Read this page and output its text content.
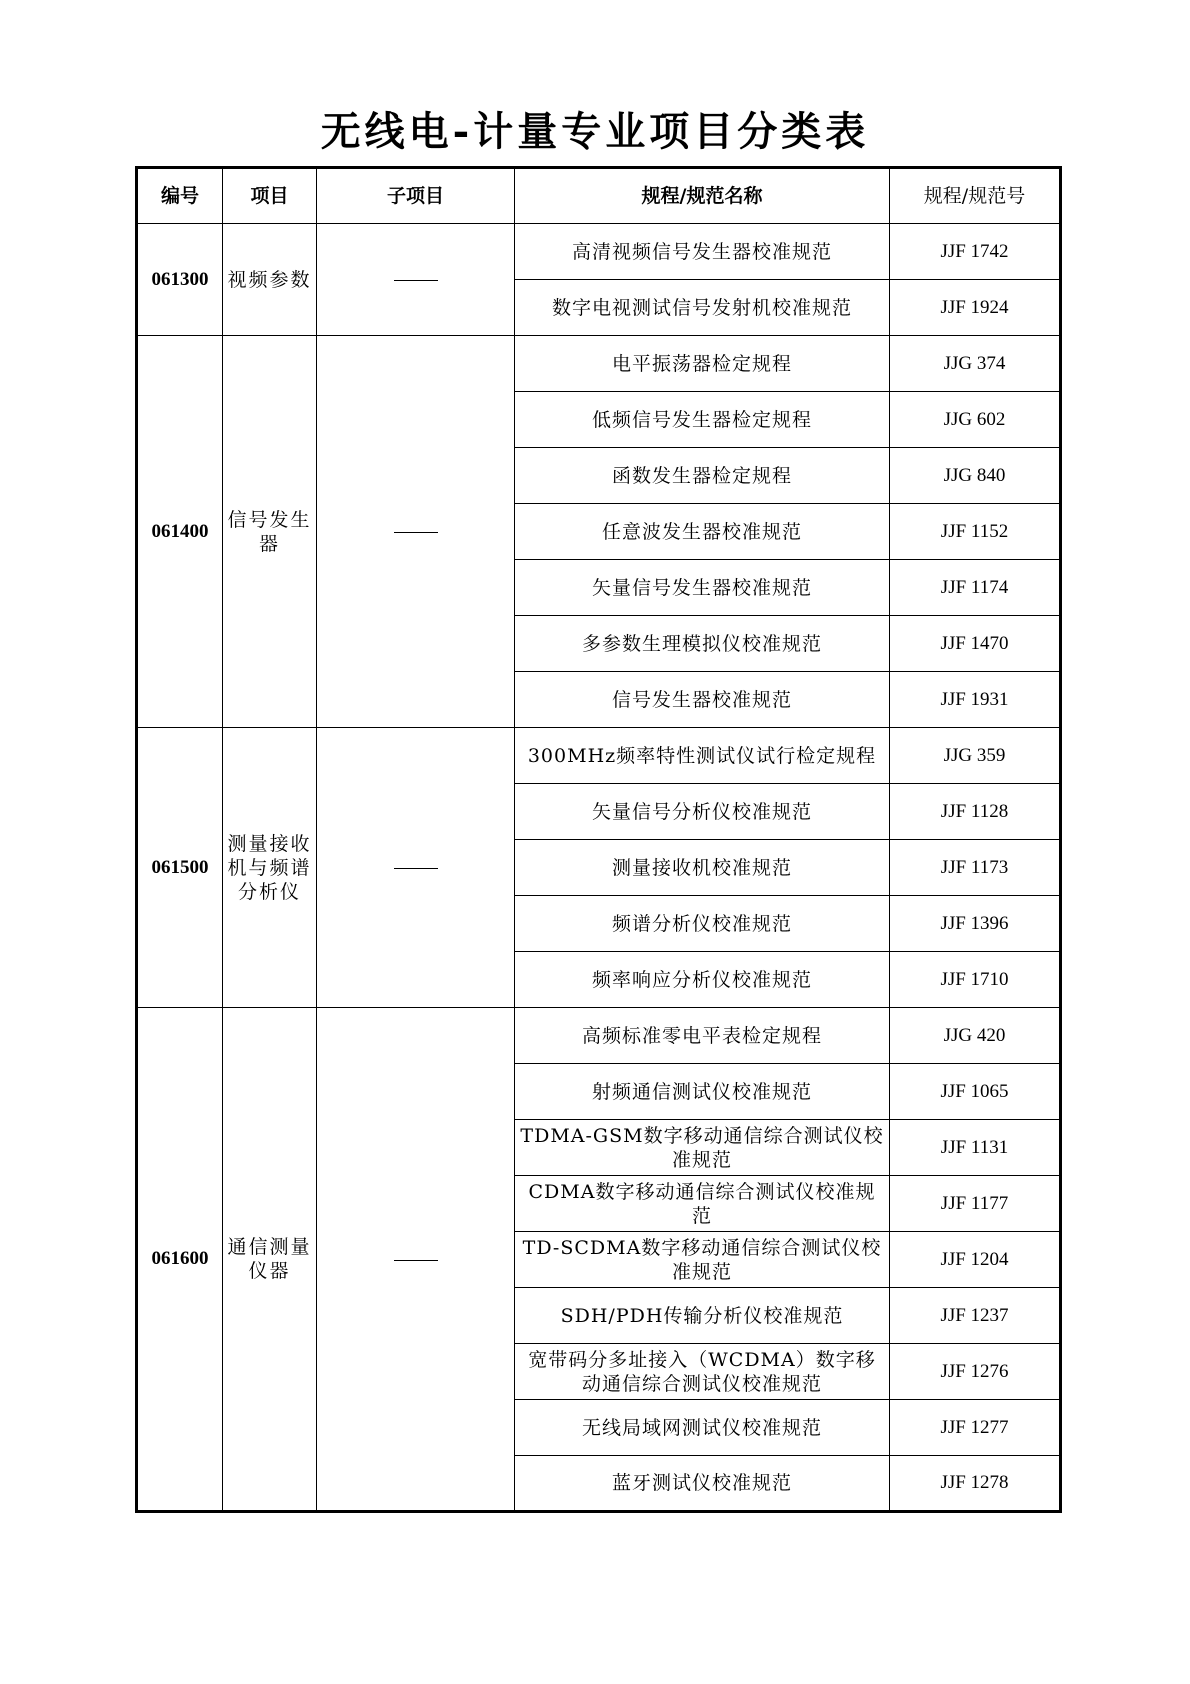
无线电-计量专业项目分类表
编号	项目	子项目	规程/规范名称	规程/规范号
061300	视频参数		高清视频信号发生器校准规范	JJF 1742
			数字电视测试信号发射机校准规范	JJF 1924
061400	信号发生器		电平振荡器检定规程	JJG 374
			低频信号发生器检定规程	JJG 602
			函数发生器检定规程	JJG 840
			任意波发生器校准规范	JJF 1152
			矢量信号发生器校准规范	JJF 1174
			多参数生理模拟仪校准规范	JJF 1470
			信号发生器校准规范	JJF 1931
061500	测量接收机与频谱分析仪		300MHz频率特性测试仪试行检定规程	JJG 359
			矢量信号分析仪校准规范	JJF 1128
			测量接收机校准规范	JJF 1173
			频谱分析仪校准规范	JJF 1396
			频率响应分析仪校准规范	JJF 1710
061600	通信测量仪器		高频标准零电平表检定规程	JJG 420
			射频通信测试仪校准规范	JJF 1065
			TDMA-GSM数字移动通信综合测试仪校准规范	JJF 1131
			CDMA数字移动通信综合测试仪校准规范	JJF 1177
			TD-SCDMA数字移动通信综合测试仪校准规范	JJF 1204
			SDH/PDH传输分析仪校准规范	JJF 1237
			宽带码分多址接入（WCDMA）数字移动通信综合测试仪校准规范	JJF 1276
			无线局域网测试仪校准规范	JJF 1277
			蓝牙测试仪校准规范	JJF 1278
